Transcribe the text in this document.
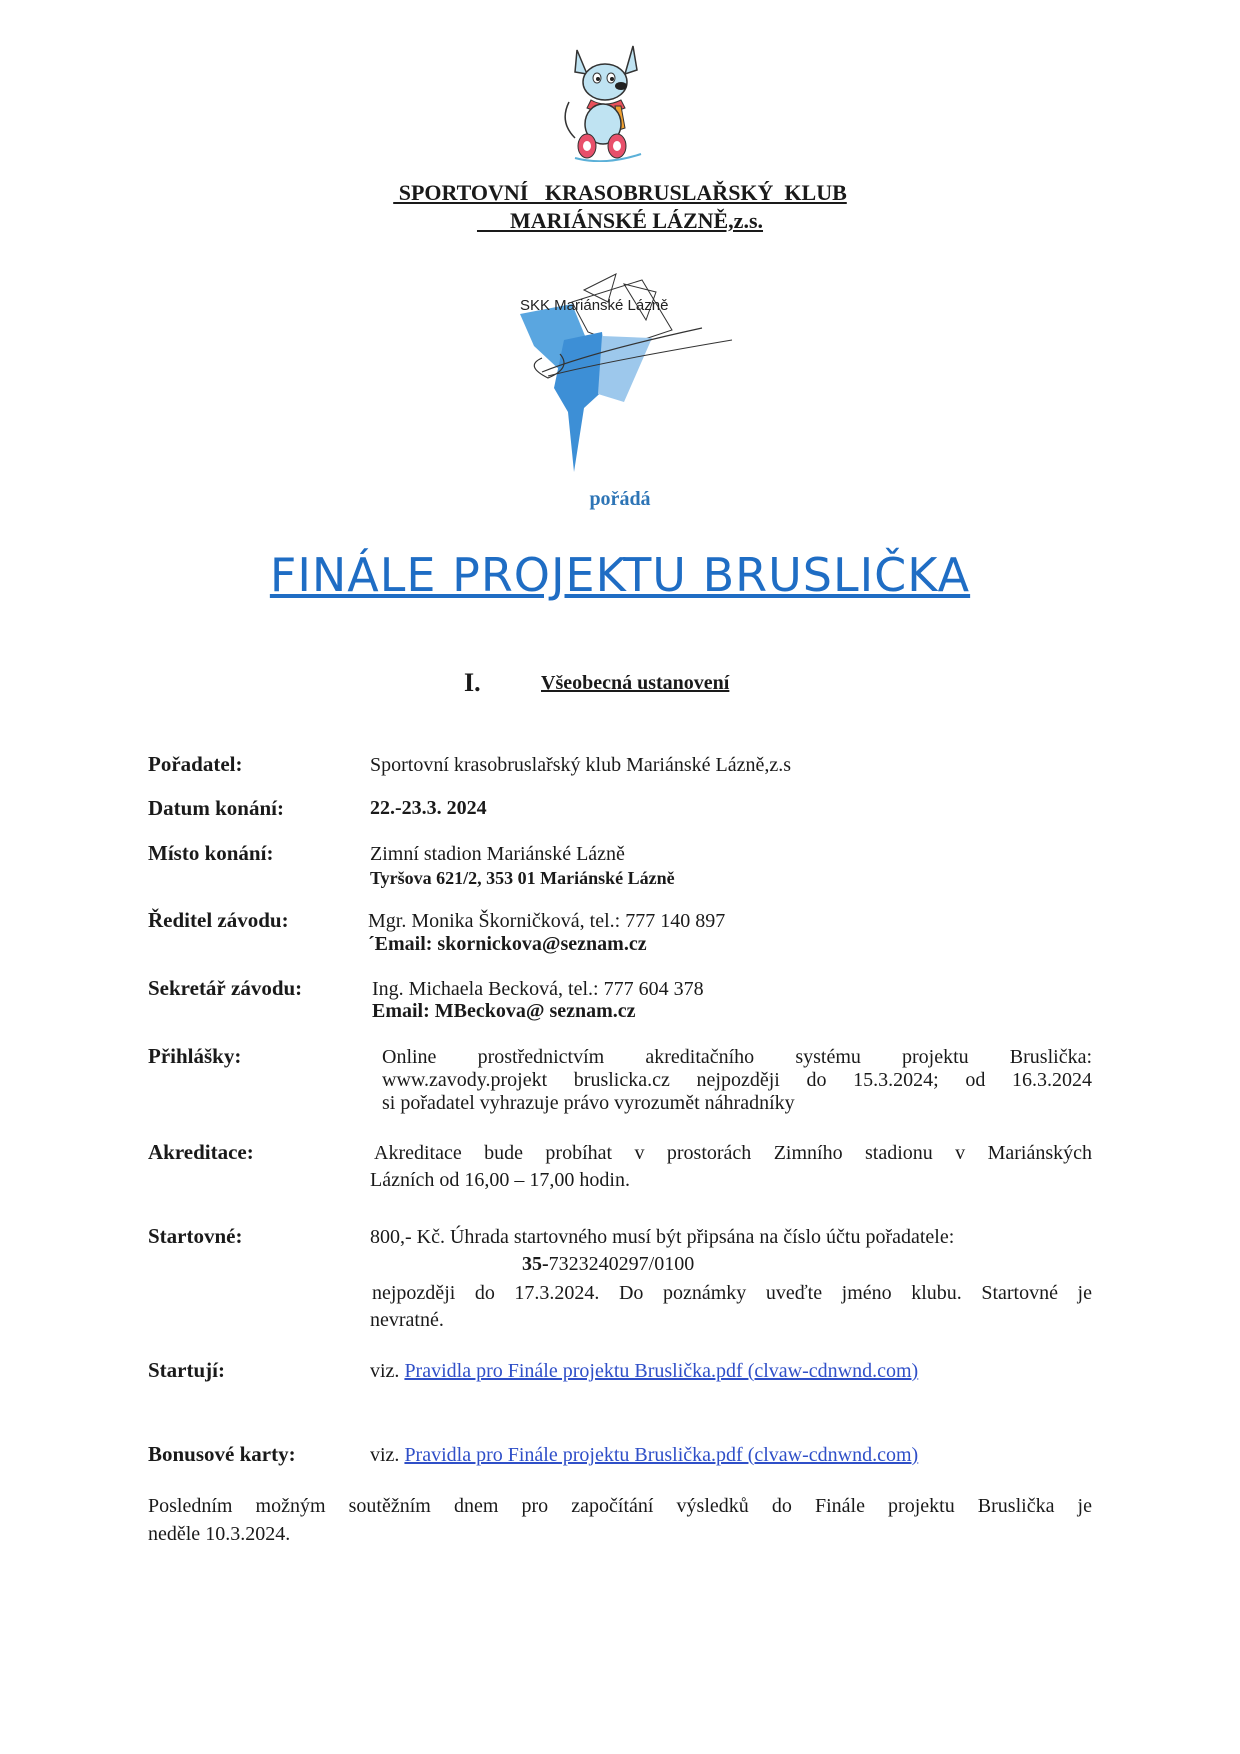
SPORTOVNÍ   KRASOBRUSLAŘSKÝ  KLUB
MARIÁNSKÉ LÁZNĚ,z.s.
SKK Mariánské Lázně
pořádá
FINÁLE PROJEKTU BRUSLIČKA
I.	Všeobecná ustanovení
Pořadatel:	Sportovní krasobruslařský klub Mariánské Lázně,z.s
Datum konání:	22.-23.3. 2024
Místo konání:	Zimní stadion Mariánské Lázně
Tyršova 621/2, 353 01 Mariánské Lázně
Ředitel závodu:	Mgr. Monika Škorničková, tel.: 777 140 897
´Email: skornickova@seznam.cz
Sekretář závodu:	Ing. Michaela Becková, tel.: 777 604 378
Email: MBeckova@ seznam.cz
Přihlášky:	Online prostřednictvím akreditačního systému projektu Bruslička:
www.zavody.projekt bruslicka.cz nejpozději do 15.3.2024; od 16.3.2024
si pořadatel vyhrazuje právo vyrozumět náhradníky
Akreditace:	Akreditace bude probíhat v prostorách Zimního stadionu v Mariánských
Lázních od 16,00 – 17,00 hodin.
Startovné:	800,- Kč. Úhrada startovného musí být připsána na číslo účtu pořadatele:
35-7323240297/0100
nejpozději do 17.3.2024. Do poznámky uveďte jméno klubu. Startovné je
nevratné.
Startují:	viz. Pravidla pro Finále projektu Bruslička.pdf (clvaw-cdnwnd.com)
Bonusové karty:	viz. Pravidla pro Finále projektu Bruslička.pdf (clvaw-cdnwnd.com)
Posledním možným soutěžním dnem pro započítání výsledků do Finále projektu Bruslička je
neděle 10.3.2024.
